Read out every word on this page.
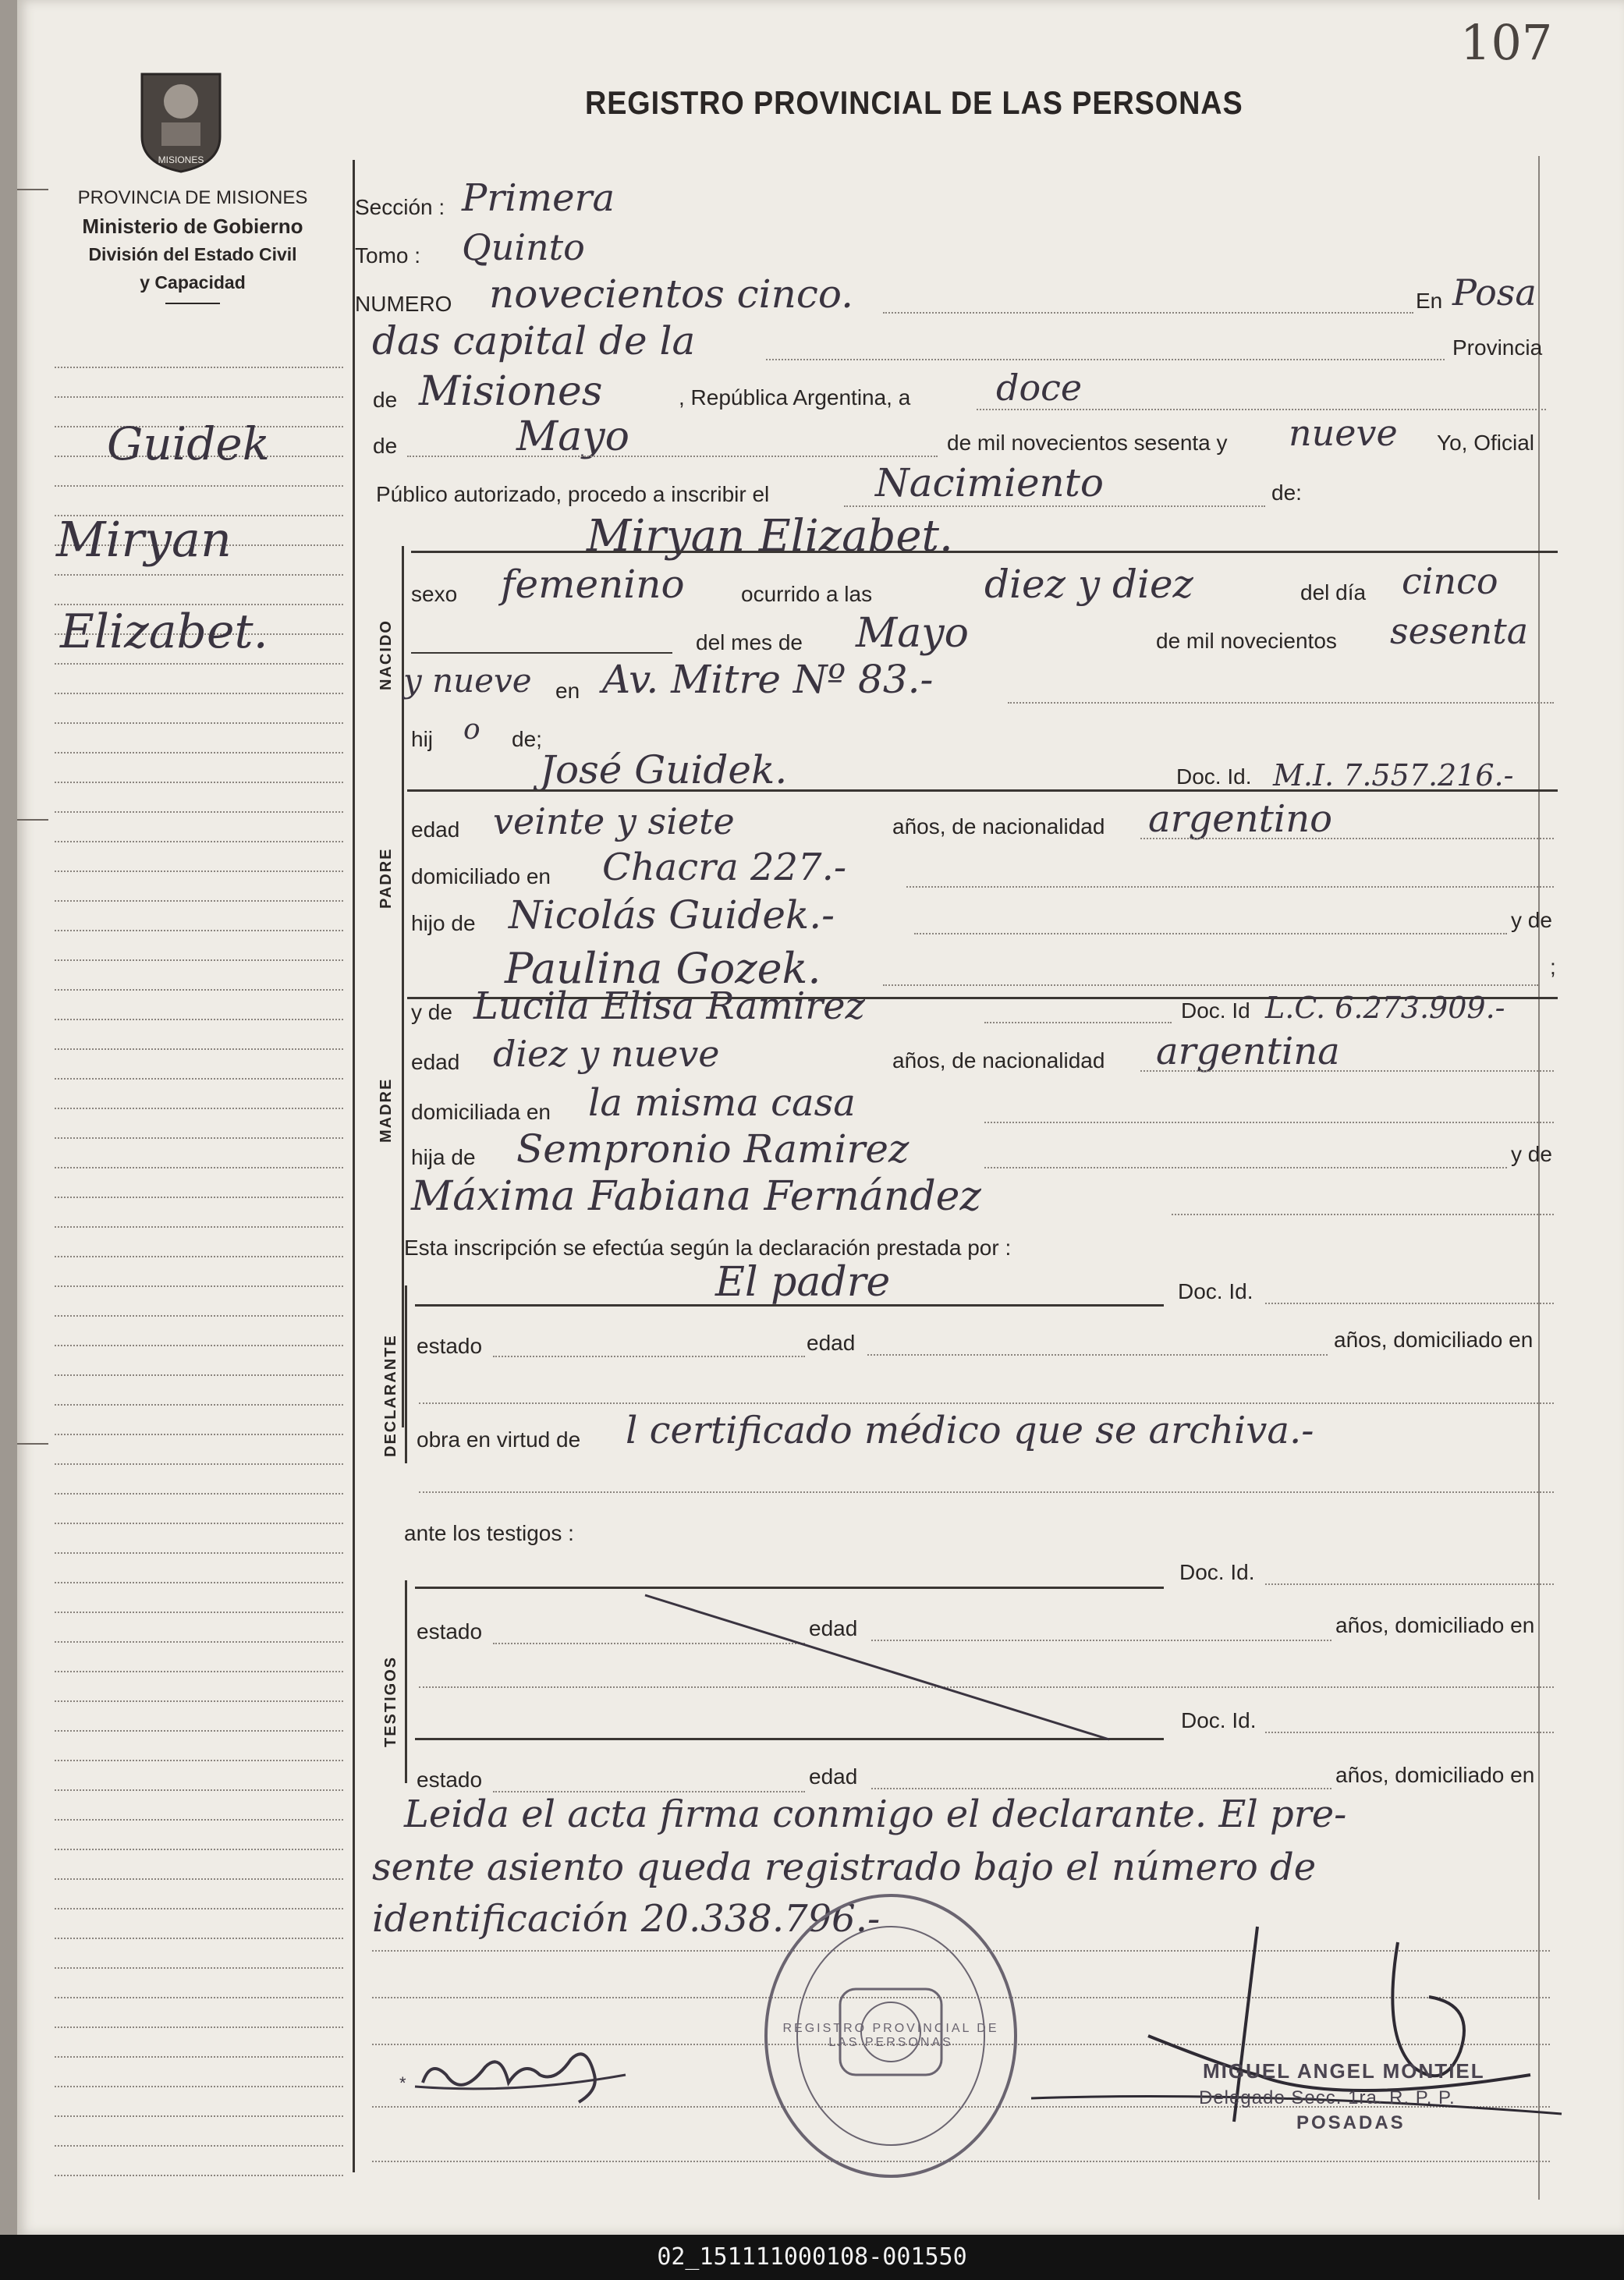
107
MISIONES
PROVINCIA DE MISIONES
Ministerio de Gobierno
División del Estado Civil
y Capacidad
REGISTRO PROVINCIAL DE LAS PERSONAS
Guidek
Miryan
Elizabet.
Sección : Primera
Tomo : Quinto
NUMERO novecientos cinco.	En Posa
das capital de la	Provincia
de Misiones	, República Argentina, a doce
de	Mayo	de mil novecientos sesenta y nueve Yo, Oficial
Público autorizado, procedo a inscribir el	Nacimiento	de:
NACIDO
Miryan Elizabet.
sexo femenino	ocurrido a las	diez y diez	del día cinco
del mes de Mayo	de mil novecientos sesenta
y nueve en Av. Mitre Nº 83.-
hij o de;
José Guidek.	Doc. Id. M.I. 7.557.216.-
PADRE
edad veinte y siete	años, de nacionalidad argentino
domiciliado en Chacra 227.-
hijo de Nicolás Guidek.-	y de
Paulina Gozek.	;
y de Lucila Elisa Ramirez	Doc. Id L.C. 6.273.909.-
MADRE
edad diez y nueve	años, de nacionalidad argentina
domiciliada en la misma casa
hija de Sempronio Ramirez	y de
Máxima Fabiana Fernández
Esta inscripción se efectúa según la declaración prestada por :
DECLARANTE
El padre	Doc. Id.
estado	edad	años, domiciliado en
obra en virtud de l certificado médico que se archiva.-
ante los testigos :
TESTIGOS
Doc. Id.
estado	edad	años, domiciliado en
Doc. Id.
estado	edad	años, domiciliado en
Leida el acta firma conmigo el declarante. El pre-
sente asiento queda registrado bajo el número de
identificación 20.338.796.-
REGISTRO PROVINCIAL DE LAS PERSONAS
*
MIGUEL ANGEL MONTIEL
Delegado Secc. 1ra. R. P. P.
POSADAS
02_151111000108-001550
